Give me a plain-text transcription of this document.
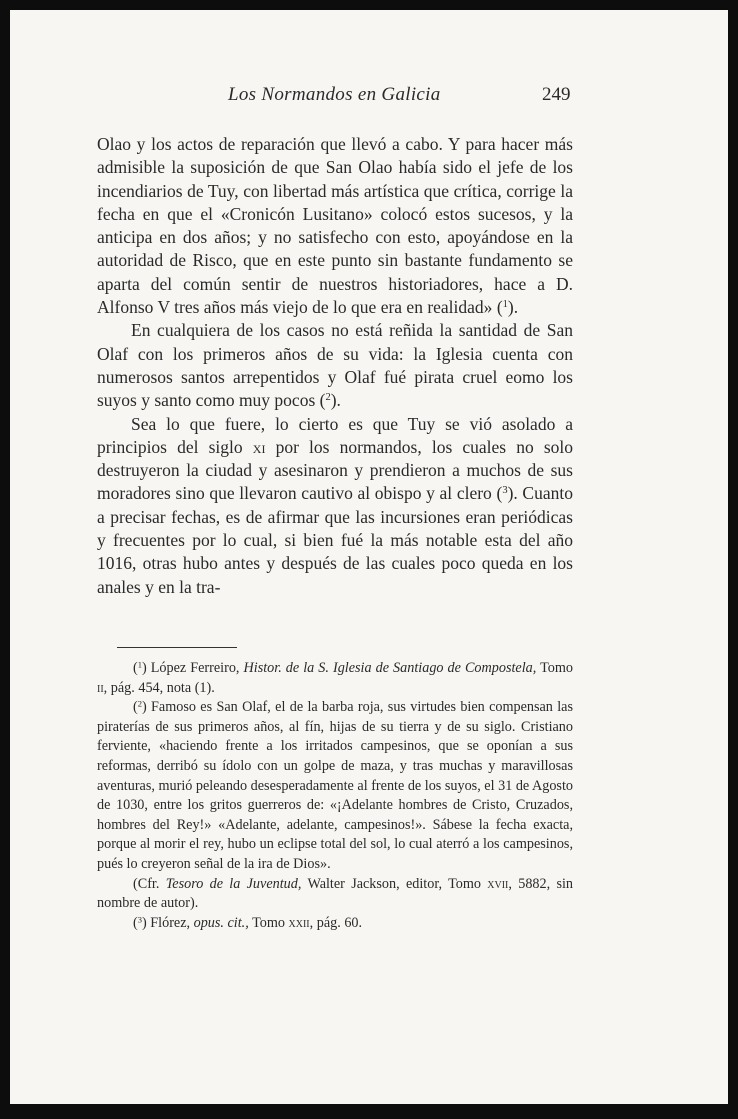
Los Normandos en Galicia	249

Olao y los actos de reparación que llevó a cabo. Y para hacer más admisible la suposición de que San Olao había sido el jefe de los incendiarios de Tuy, con libertad más artística que crítica, corrige la fecha en que el «Cronicón Lusitano» colocó estos sucesos, y la anticipa en dos años; y no satisfecho con esto, apoyándose en la autoridad de Risco, que en este punto sin bastante fundamento se aparta del común sentir de nuestros historiadores, hace a D. Alfonso V tres años más viejo de lo que era en realidad» ($^1$).

En cualquiera de los casos no está reñida la santidad de San Olaf con los primeros años de su vida: la Iglesia cuenta con numerosos santos arrepentidos y Olaf fué pirata cruel eomo los suyos y santo como muy pocos ($^2$).

Sea lo que fuere, lo cierto es que Tuy se vió asolado a principios del siglo xi por los normandos, los cuales no solo destruyeron la ciudad y asesinaron y prendieron a muchos de sus moradores sino que llevaron cautivo al obispo y al clero ($^3$). Cuanto a precisar fechas, es de afirmar que las incursiones eran periódicas y frecuentes por lo cual, si bien fué la más notable esta del año 1016, otras hubo antes y después de las cuales poco queda en los anales y en la tra-

($^1$) López Ferreiro, Histor. de la S. Iglesia de Santiago de Compostela, Tomo ii, pág. 454, nota (1).

($^2$) Famoso es San Olaf, el de la barba roja, sus virtudes bien compensan las piraterías de sus primeros años, al fín, hijas de su tierra y de su siglo. Cristiano ferviente, «haciendo frente a los irritados campesinos, que se oponían a sus reformas, derribó su ídolo con un golpe de maza, y tras muchas y maravillosas aventuras, murió peleando desesperadamente al frente de los suyos, el 31 de Agosto de 1030, entre los gritos guerreros de: «¡Adelante hombres de Cristo, Cruzados, hombres del Rey!» «Adelante, adelante, campesinos!». Sábese la fecha exacta, porque al morir el rey, hubo un eclipse total del sol, lo cual aterró a los campesinos, pués lo creyeron señal de la ira de Dios».

(Cfr. Tesoro de la Juventud, Walter Jackson, editor, Tomo xvii, 5882, sin nombre de autor).

($^3$) Flórez, opus. cit., Tomo xxii, pág. 60.
